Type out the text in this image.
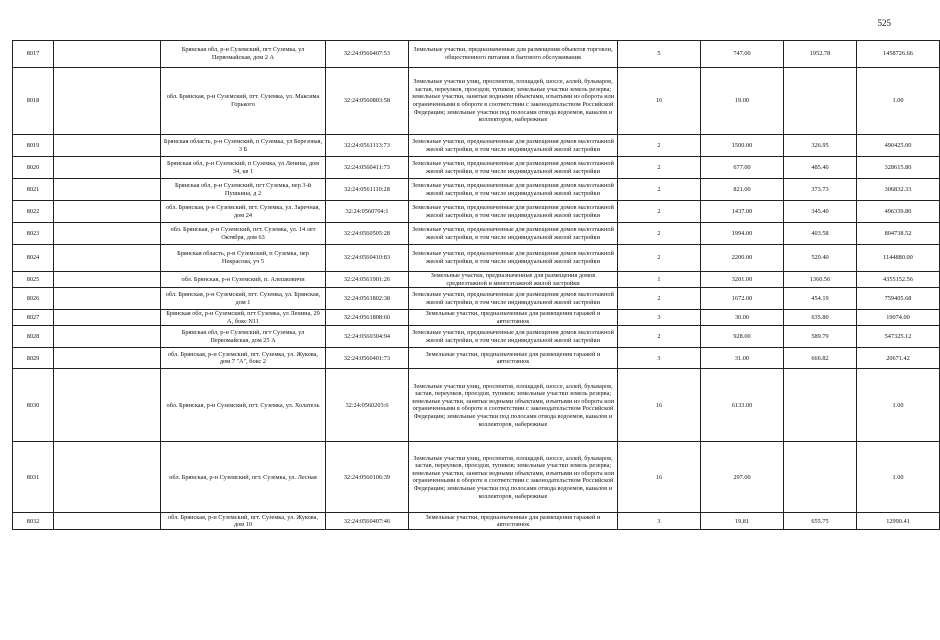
525
8017		Брянская обл, р-н Суземский, пгт Суземка, ул Первомайская, дом 2 А	32:24:0560407:53	Земельные участки, предназначенные для размещения объектов торговли, общественного питания и бытового обслуживания	5	747.00	1952.78	1458726.66
8018		обл. Брянская, р-н Суземский, пгт. Суземка, ул. Максима Горького	32:24:0560803:58	Земельные участки улиц, проспектов, площадей, шоссе, аллей, бульваров, застав, переулков, проездов, тупиков; земельные участки земель резерва; земельные участки, занятые водными объектами, изъятыми из оборота или ограниченными в обороте в соответствии с законодательством Российской Федерации; земельные участки под полосами отвода водоемов, каналов и коллекторов, набережные	16	19.00		1.00
8019		Брянская область, р-н Суземский, п Суземка, ул Березовая, 3 Б	32:24:0561113:73	Земельные участки, предназначенные для размещения домов малоэтажной жилой застройки, в том числе индивидуальной жилой застройки	2	1500.00	326.95	490425.00
8020		Брянская обл, р-н Суземский, п Суземка, ул Ленина, дом 34, кв 1	32:24:0560411:73	Земельные участки, предназначенные для размещения домов малоэтажной жилой застройки, в том числе индивидуальной жилой застройки	2	677.00	485.40	328615.80
8021		Брянская обл, р-н Суземский, пгт Суземка, пер 3-й Пушкина, д 2	32:24:0561110:28	Земельные участки, предназначенные для размещения домов малоэтажной жилой застройки, в том числе индивидуальной жилой застройки	2	821.00	373.73	306832.33
8022		обл. Брянская, р-н Суземский, пгт. Суземка, ул. Заречная, дом 24	32:24:0560704:1	Земельные участки, предназначенные для размещения домов малоэтажной жилой застройки, в том числе индивидуальной жилой застройки	2	1437.00	345.40	496339.80
8023		обл. Брянская, р-н Суземский, пгт. Суземка, ул. 14 лет Октября, дом 63	32:24:0560505:28	Земельные участки, предназначенные для размещения домов малоэтажной жилой застройки, в том числе индивидуальной жилой застройки	2	1994.00	403.58	804738.52
8024		Брянская область, р-н Суземский, п Суземка, пер Некрасова, уч 5	32:24:0560410:83	Земельные участки, предназначенные для размещения домов малоэтажной жилой застройки, в том числе индивидуальной жилой застройки	2	2200.00	520.40	1144880.00
8025		обл. Брянская, р-н Суземский, п. Алешковичи	32:24:0561901:26	Земельные участки, предназначенные для размещения домов среднеэтажной и многоэтажной жилой застройки	1	3201.00	1360.56	4355152.56
8026		обл. Брянская, р-н Суземский, пгт. Суземка, ул. Брянская, дом 1	32:24:0561802:38	Земельные участки, предназначенные для размещения домов малоэтажной жилой застройки, в том числе индивидуальной жилой застройки	2	1672.00	454.19	759405.68
8027		Брянская обл, р-н Суземский, пгт Суземка, ул Ленина, 29 А, бокс N11	32:24:0561808:60	Земельные участки, предназначенные для размещения гаражей и автостоянок	3	30.00	635.80	19074.00
8028		Брянская обл, р-н Суземский, пгт Суземка, ул Первомайская, дом 25 А	32:24:0560304:94	Земельные участки, предназначенные для размещения домов малоэтажной жилой застройки, в том числе индивидуальной жилой застройки	2	928.00	589.79	547325.12
8029		обл. Брянская, р-н Суземский, пгт. Суземка, ул. Жукова, дом 7 "А", бокс 2	32:24:0560401:73	Земельные участки, предназначенные для размещения гаражей и автостоянок	3	31.00	666.82	20671.42
8030		обл. Брянская, р-н Суземский, пгт. Суземка, ул. Холатель	32:24:0560203:6	Земельные участки улиц, проспектов, площадей, шоссе, аллей, бульваров, застав, переулков, проездов, тупиков; земельные участки земель резерва; земельные участки, занятые водными объектами, изъятыми из оборота или ограниченными в обороте в соответствии с законодательством Российской Федерации; земельные участки под полосами отвода водоемов, каналов и коллекторов, набережные	16	6133.00		1.00
8031		обл. Брянская, р-н Суземский, пгт. Суземка, ул. Лесная	32:24:0560106:39	Земельные участки улиц, проспектов, площадей, шоссе, аллей, бульваров, застав, переулков, проездов, тупиков; земельные участки земель резерва; земельные участки, занятые водными объектами, изъятыми из оборота или ограниченными в обороте в соответствии с законодательством Российской Федерации; земельные участки под полосами отвода водоемов, каналов и коллекторов, набережные	16	297.00		1.00
8032		обл. Брянская, р-н Суземский, пгт. Суземка, ул. Жукова, дом 10	32:24:0560407:46	Земельные участки, предназначенные для размещения гаражей и автостоянок	3	19.81	655.75	12990.41
